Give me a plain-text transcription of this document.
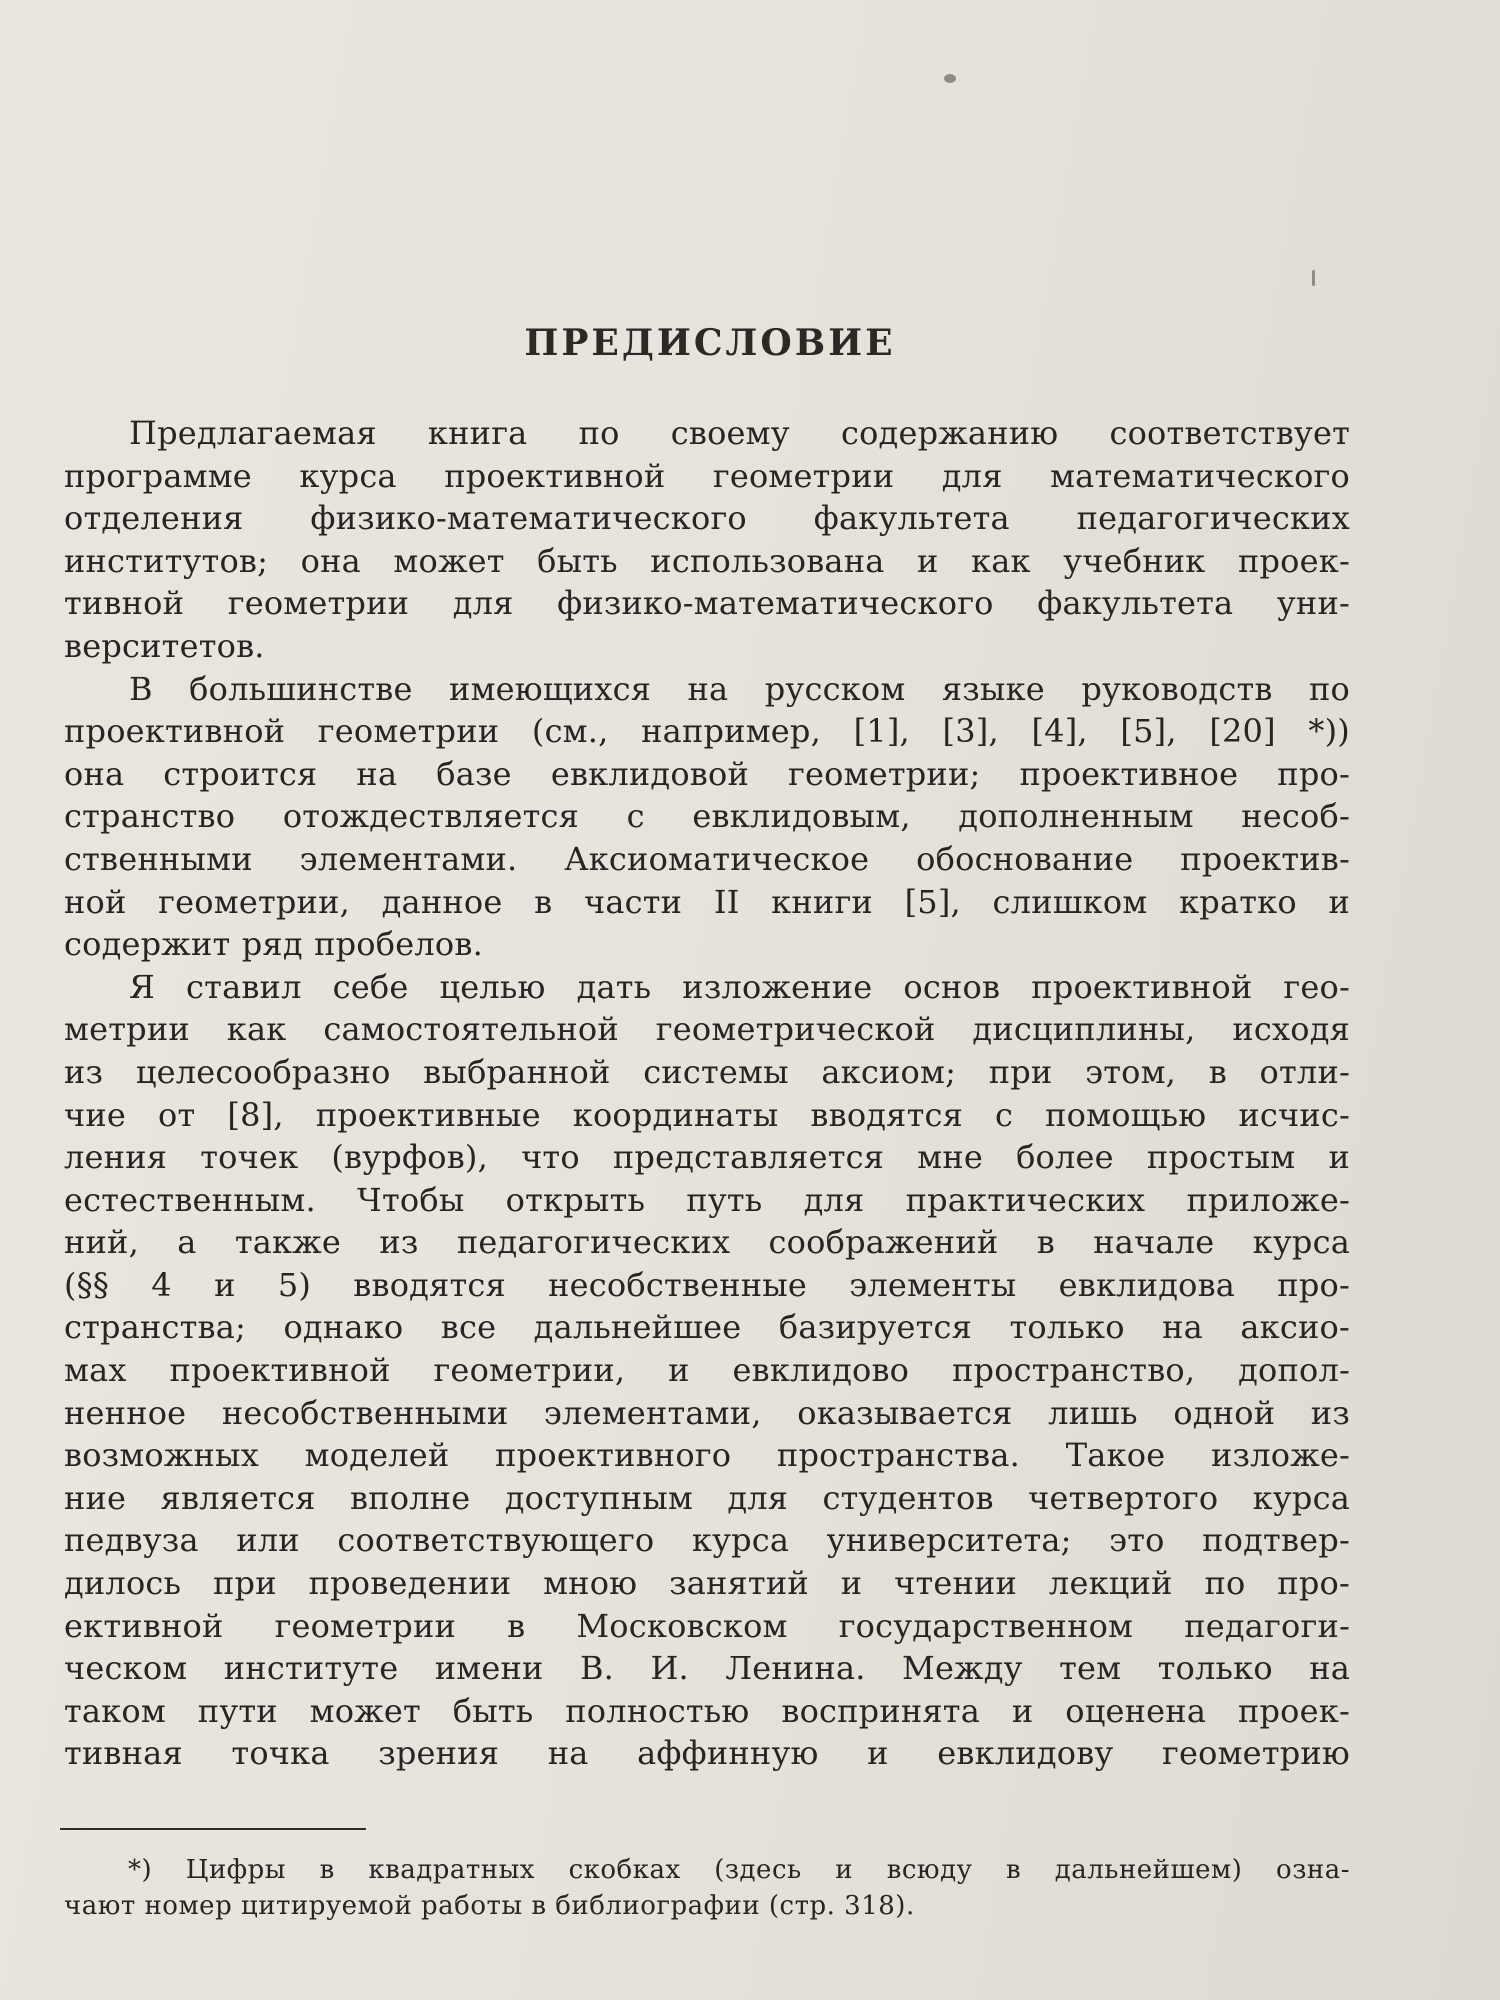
ПРЕДИСЛОВИЕ

Предлагаемая книга по своему содержанию соответствует
программе курса проективной геометрии для математического
отделения физико-математического факультета педагогических
институтов; она может быть использована и как учебник проек-
тивной геометрии для физико-математического факультета уни-
верситетов.

В большинстве имеющихся на русском языке руководств по
проективной геометрии (см., например, [1], [3], [4], [5], [20] *))
она строится на базе евклидовой геометрии; проективное про-
странство отождествляется с евклидовым, дополненным несоб-
ственными элементами. Аксиоматическое обоснование проектив-
ной геометрии, данное в части II книги [5], слишком кратко и
содержит ряд пробелов.

Я ставил себе целью дать изложение основ проективной гео-
метрии как самостоятельной геометрической дисциплины, исходя
из целесообразно выбранной системы аксиом; при этом, в отли-
чие от [8], проективные координаты вводятся с помощью исчис-
ления точек (вурфов), что представляется мне более простым и
естественным. Чтобы открыть путь для практических приложе-
ний, а также из педагогических соображений в начале курса
(§§ 4 и 5) вводятся несобственные элементы евклидова про-
странства; однако все дальнейшее базируется только на аксио-
мах проективной геометрии, и евклидово пространство, допол-
ненное несобственными элементами, оказывается лишь одной из
возможных моделей проективного пространства. Такое изложе-
ние является вполне доступным для студентов четвертого курса
педвуза или соответствующего курса университета; это подтвер-
дилось при проведении мною занятий и чтении лекций по про-
ективной геометрии в Московском государственном педагоги-
ческом институте имени В. И. Ленина. Между тем только на
таком пути может быть полностью воспринята и оценена проек-
тивная точка зрения на аффинную и евклидову геометрию

*) Цифры в квадратных скобках (здесь и всюду в дальнейшем) озна-
чают номер цитируемой работы в библиографии (стр. 318).
